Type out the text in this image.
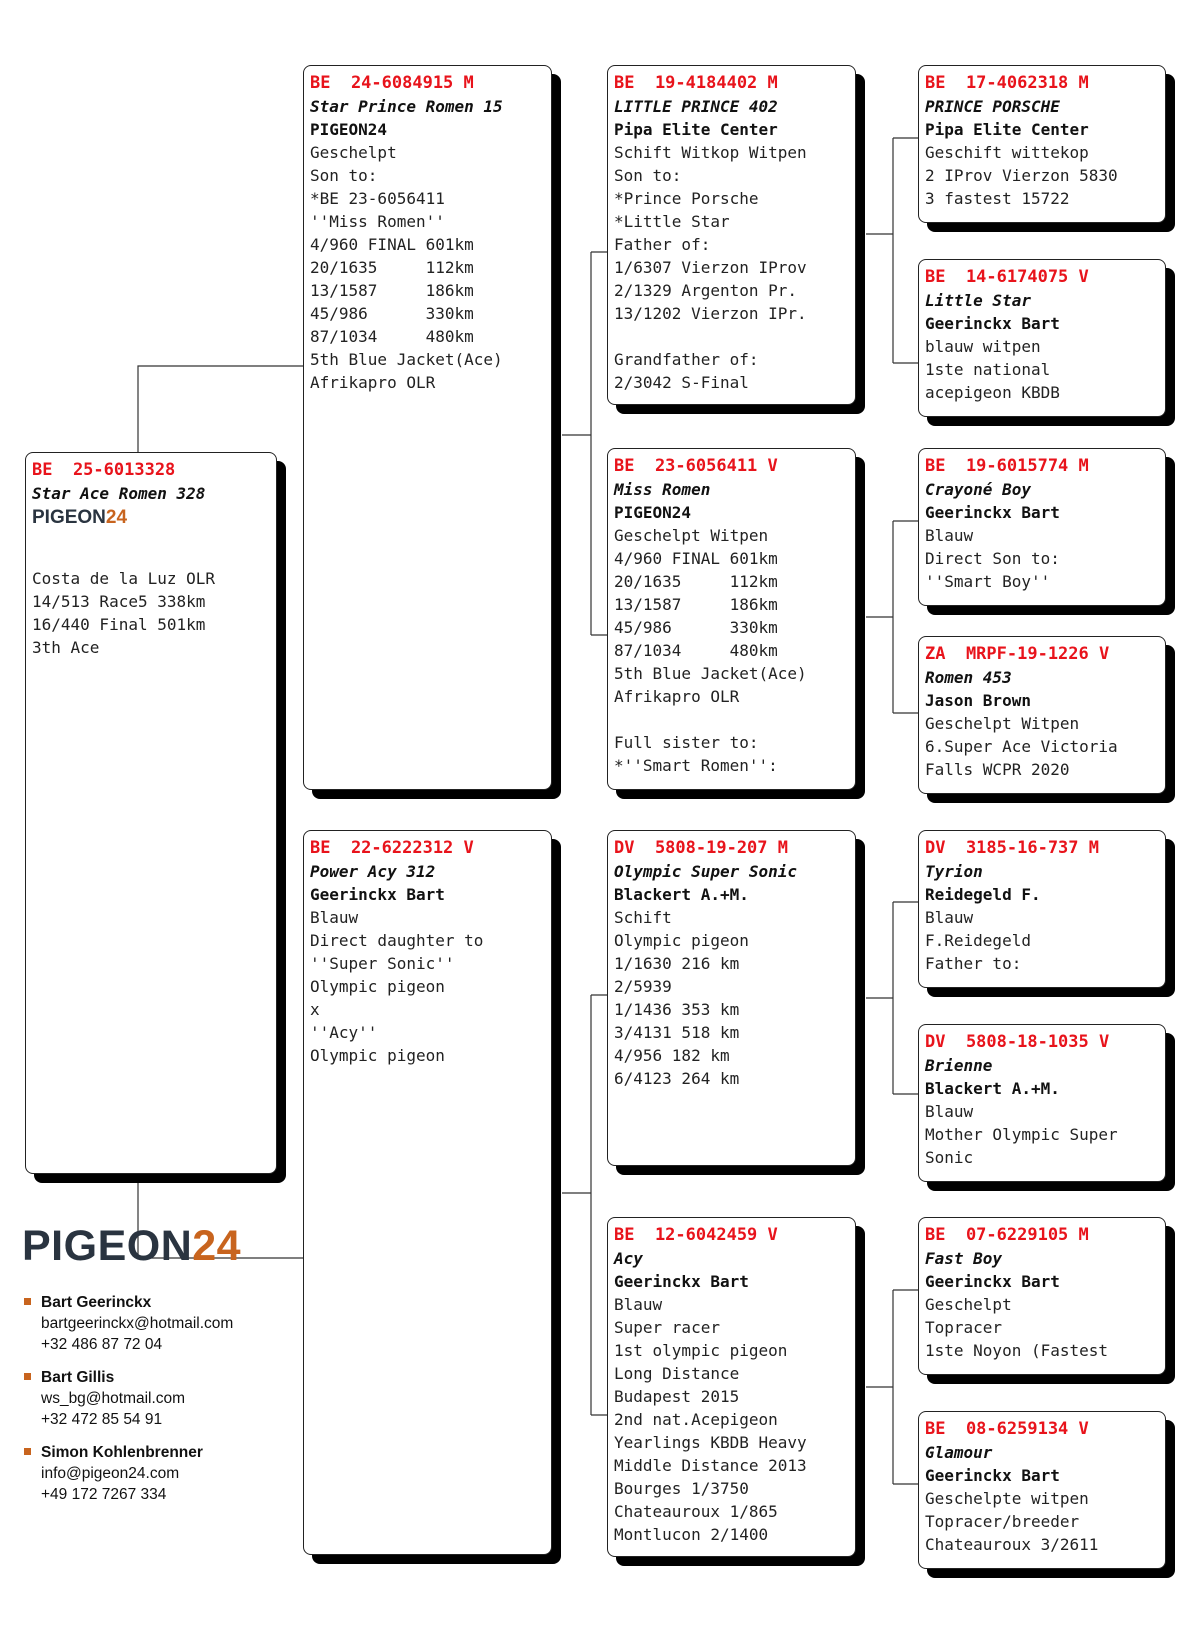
BE  25-6013328
Star Ace Romen 328
PIGEON24
Costa de la Luz OLR
14/513 Race5 338km
16/440 Final 501km
3th Ace
BE  24-6084915 M
Star Prince Romen 15
PIGEON24
Geschelpt
Son to:
*BE 23-6056411
''Miss Romen''
4/960 FINAL 601km
20/1635     112km
13/1587     186km
45/986      330km
87/1034     480km
5th Blue Jacket(Ace)
Afrikapro OLR
BE  22-6222312 V
Power Acy 312
Geerinckx Bart
Blauw
Direct daughter to
''Super Sonic''
Olympic pigeon
x
''Acy''
Olympic pigeon
BE  19-4184402 M
LITTLE PRINCE 402
Pipa Elite Center
Schift Witkop Witpen
Son to:
*Prince Porsche
*Little Star
Father of:
1/6307 Vierzon IProv
2/1329 Argenton Pr.
13/1202 Vierzon IPr.
Grandfather of:
2/3042 S-Final
BE  23-6056411 V
Miss Romen
PIGEON24
Geschelpt Witpen
4/960 FINAL 601km
20/1635     112km
13/1587     186km
45/986      330km
87/1034     480km
5th Blue Jacket(Ace)
Afrikapro OLR
Full sister to:
*''Smart Romen'':
DV  5808-19-207 M
Olympic Super Sonic
Blackert A.+M.
Schift
Olympic pigeon
1/1630 216 km
2/5939
1/1436 353 km
3/4131 518 km
4/956 182 km
6/4123 264 km
BE  12-6042459 V
Acy
Geerinckx Bart
Blauw
Super racer
1st olympic pigeon
Long Distance
Budapest 2015
2nd nat.Acepigeon
Yearlings KBDB Heavy
Middle Distance 2013
Bourges 1/3750
Chateauroux 1/865
Montlucon 2/1400
BE  17-4062318 M
PRINCE PORSCHE
Pipa Elite Center
Geschift wittekop
2 IProv Vierzon 5830
3 fastest 15722
BE  14-6174075 V
Little Star
Geerinckx Bart
blauw witpen
1ste national
acepigeon KBDB
BE  19-6015774 M
Crayoné Boy
Geerinckx Bart
Blauw
Direct Son to:
''Smart Boy''
ZA  MRPF-19-1226 V
Romen 453
Jason Brown
Geschelpt Witpen
6.Super Ace Victoria
Falls WCPR 2020
DV  3185-16-737 M
Tyrion
Reidegeld F.
Blauw
F.Reidegeld
Father to:
DV  5808-18-1035 V
Brienne
Blackert A.+M.
Blauw
Mother Olympic Super
Sonic
BE  07-6229105 M
Fast Boy
Geerinckx Bart
Geschelpt
Topracer
1ste Noyon (Fastest
BE  08-6259134 V
Glamour
Geerinckx Bart
Geschelpte witpen
Topracer/breeder
Chateauroux 3/2611
PIGEON24
Bart Geerinckx
bartgeerinckx@hotmail.com
+32 486 87 72 04
Bart Gillis
ws_bg@hotmail.com
+32 472 85 54 91
Simon Kohlenbrenner
info@pigeon24.com
+49 172 7267 334
